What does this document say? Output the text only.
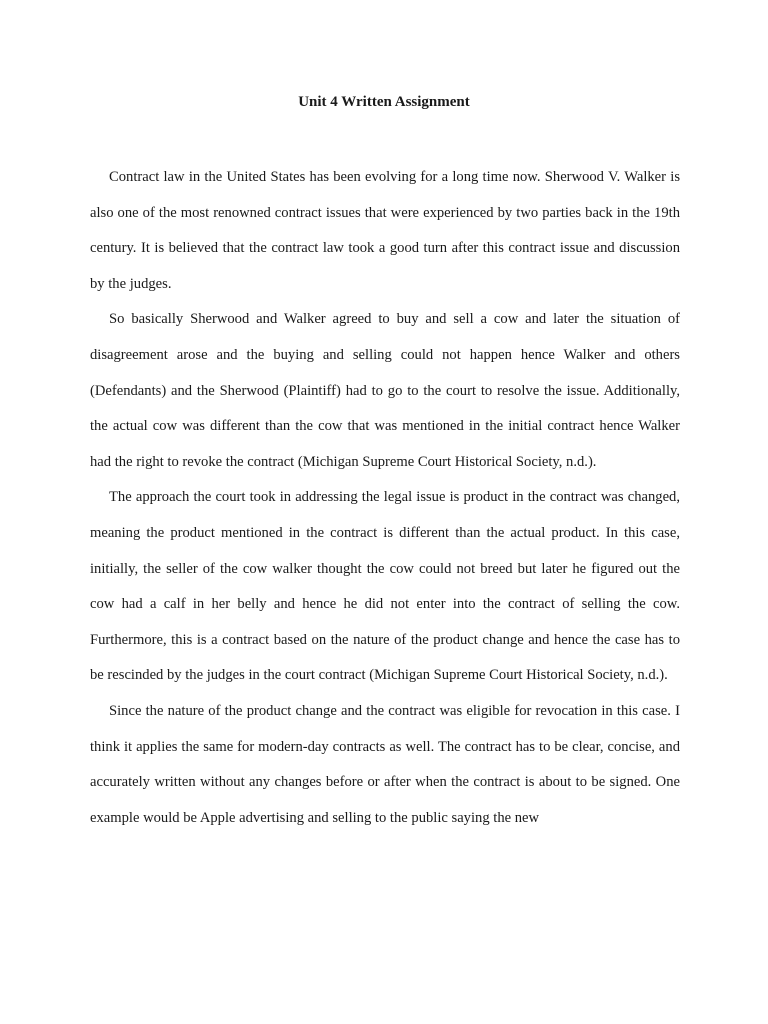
Unit 4 Written Assignment

Contract law in the United States has been evolving for a long time now. Sherwood V. Walker is also one of the most renowned contract issues that were experienced by two parties back in the 19th century. It is believed that the contract law took a good turn after this contract issue and discussion by the judges.

So basically Sherwood and Walker agreed to buy and sell a cow and later the situation of disagreement arose and the buying and selling could not happen hence Walker and others (Defendants) and the Sherwood (Plaintiff) had to go to the court to resolve the issue. Additionally, the actual cow was different than the cow that was mentioned in the initial contract hence Walker had the right to revoke the contract (Michigan Supreme Court Historical Society, n.d.).

The approach the court took in addressing the legal issue is product in the contract was changed, meaning the product mentioned in the contract is different than the actual product. In this case, initially, the seller of the cow walker thought the cow could not breed but later he figured out the cow had a calf in her belly and hence he did not enter into the contract of selling the cow. Furthermore, this is a contract based on the nature of the product change and hence the case has to be rescinded by the judges in the court contract (Michigan Supreme Court Historical Society, n.d.).

Since the nature of the product change and the contract was eligible for revocation in this case. I think it applies the same for modern-day contracts as well. The contract has to be clear, concise, and accurately written without any changes before or after when the contract is about to be signed. One example would be Apple advertising and selling to the public saying the new
